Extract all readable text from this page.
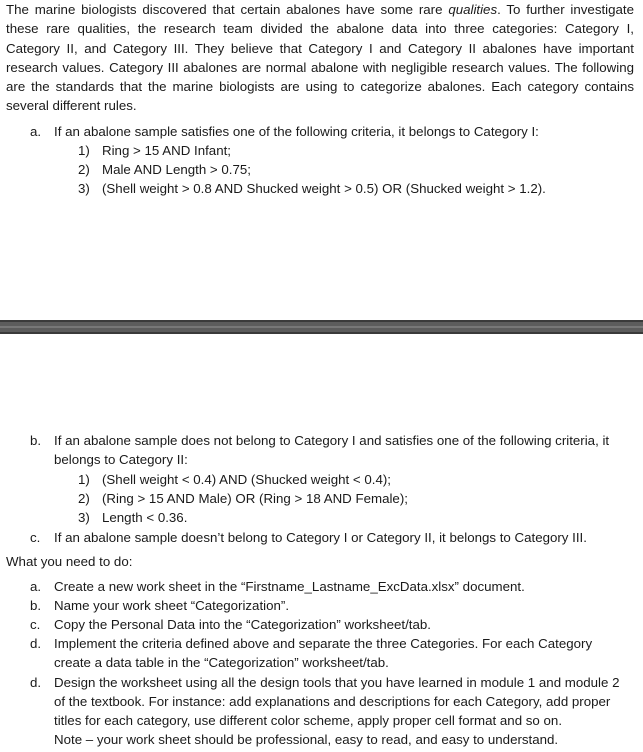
The marine biologists discovered that certain abalones have some rare qualities. To further investigate these rare qualities, the research team divided the abalone data into three categories: Category I, Category II, and Category III. They believe that Category I and Category II abalones have important research values. Category III abalones are normal abalone with negligible research values. The following are the standards that the marine biologists are using to categorize abalones. Each category contains several different rules.

a. If an abalone sample satisfies one of the following criteria, it belongs to Category I:
1) Ring > 15 AND Infant;
2) Male AND Length > 0.75;
3) (Shell weight > 0.8 AND Shucked weight > 0.5) OR (Shucked weight > 1.2).
b. If an abalone sample does not belong to Category I and satisfies one of the following criteria, it
belongs to Category II:
1) (Shell weight < 0.4) AND (Shucked weight < 0.4);
2) (Ring > 15 AND Male) OR (Ring > 18 AND Female);
3) Length < 0.36.
c. If an abalone sample doesn’t belong to Category I or Category II, it belongs to Category III.
What you need to do:
a. Create a new work sheet in the “Firstname_Lastname_ExcData.xlsx” document.
b. Name your work sheet “Categorization”.
c. Copy the Personal Data into the “Categorization” worksheet/tab.
d. Implement the criteria defined above and separate the three Categories. For each Category
create a data table in the “Categorization” worksheet/tab.
d. Design the worksheet using all the design tools that you have learned in module 1 and module 2
of the textbook. For instance: add explanations and descriptions for each Category, add proper
titles for each category, use different color scheme, apply proper cell format and so on.
Note – your work sheet should be professional, easy to read, and easy to understand.
